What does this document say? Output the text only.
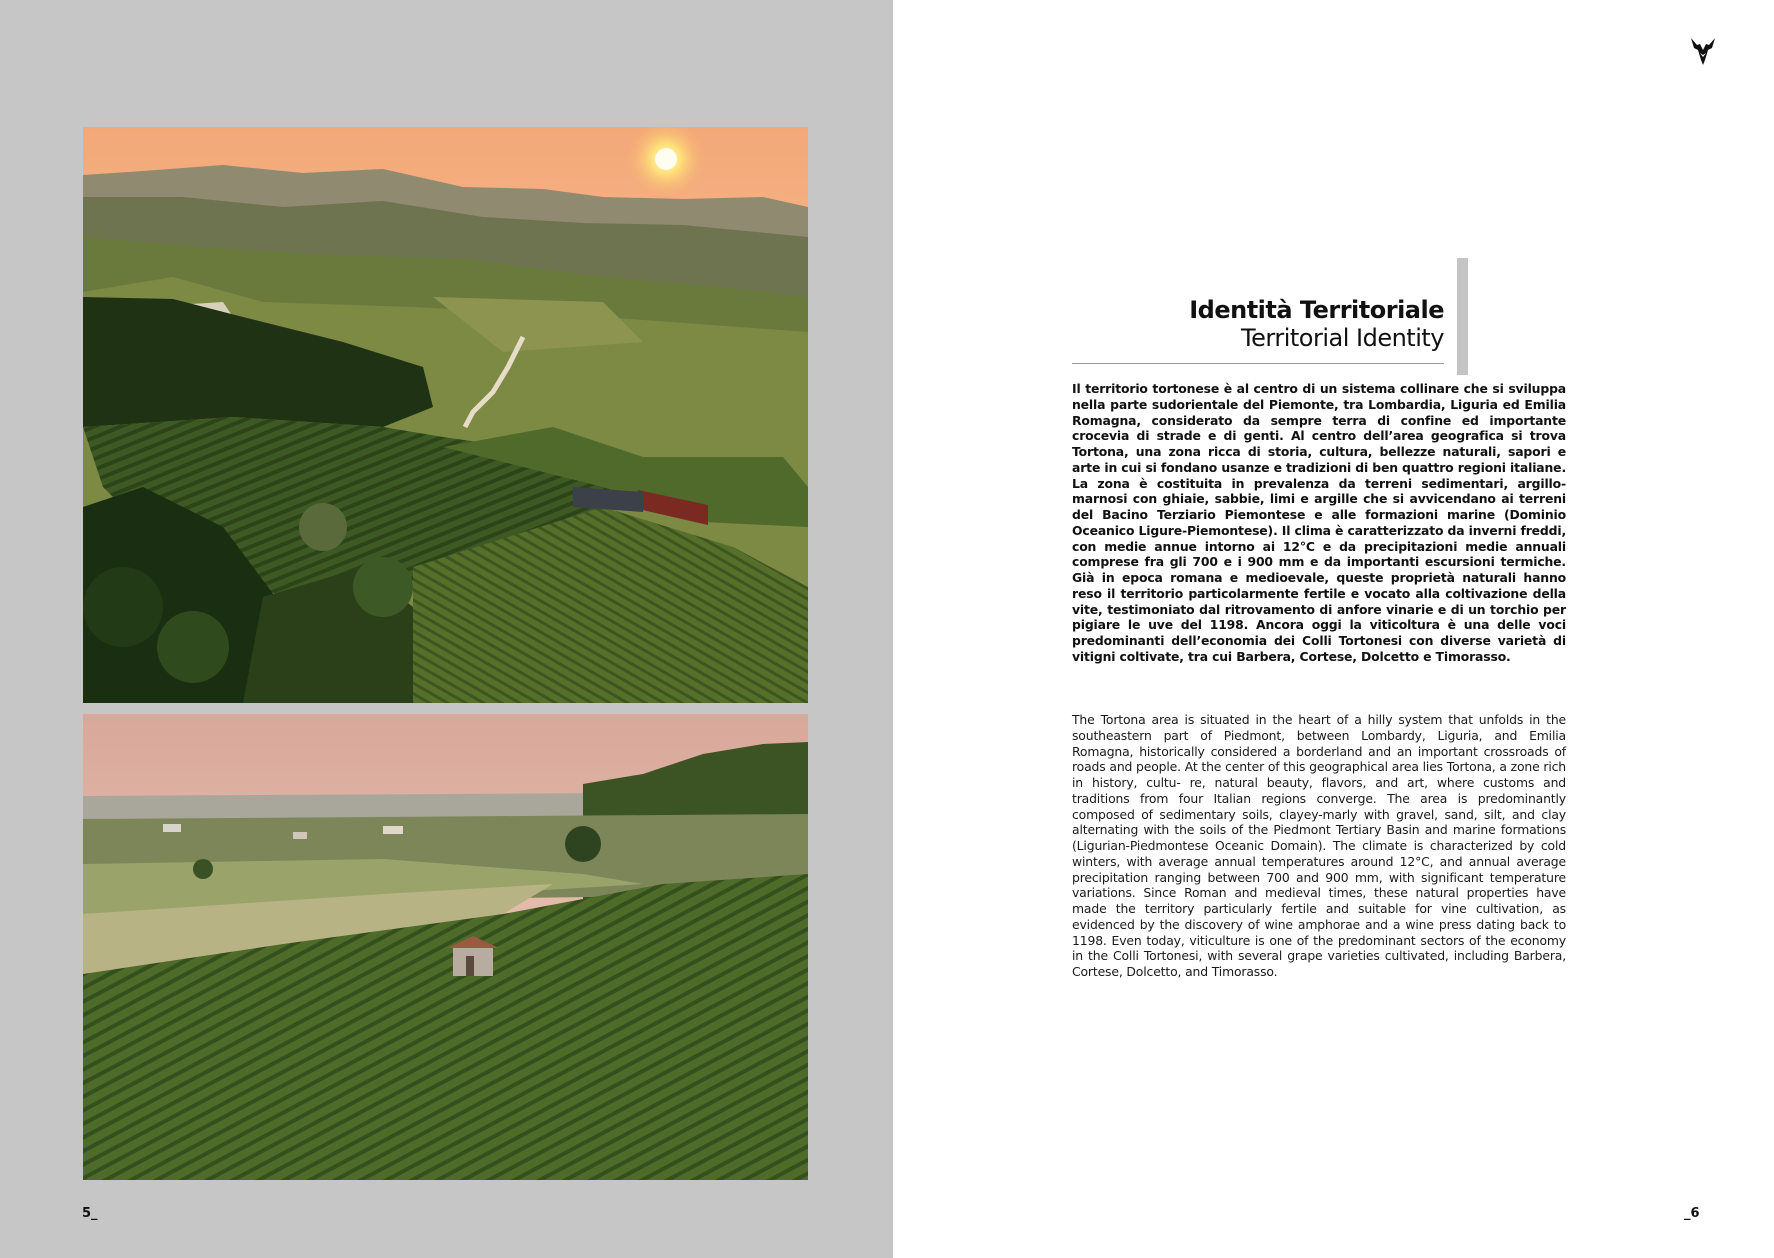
5_
Identità Territoriale
Territorial Identity

Il territorio tortonese è al centro di un sistema collinare che si sviluppa nella parte sudorientale del Piemonte, tra Lombardia, Liguria ed Emilia Romagna, considerato da sempre terra di confine ed importante crocevia di strade e di genti. Al centro dell’area geografica si trova Tortona, una zona ricca di storia, cultura, bellezze naturali, sapori e arte in cui si fondano usanze e tradizioni di ben quattro regioni italiane. La zona è costituita in prevalenza da terreni sedimentari, argillo-marnosi con ghiaie, sabbie, limi e argille che si avvicendano ai terreni del Bacino Terziario Piemontese e alle formazioni marine (Dominio Oceanico Ligure-Piemontese). Il clima è caratterizzato da inverni freddi, con medie annue intorno ai 12°C e da precipitazioni medie annuali comprese fra gli 700 e i 900 mm e da importanti escursioni termiche. Già in epoca romana e medioevale, queste proprietà naturali hanno reso il territorio particolarmente fertile e vocato alla coltivazione della vite, testimoniato dal ritrovamento di anfore vinarie e di un torchio per pigiare le uve del 1198. Ancora oggi la viticoltura è una delle voci predominanti dell’economia dei Colli Tortonesi con diverse varietà di vitigni coltivate, tra cui Barbera, Cortese, Dolcetto e Timorasso.

The Tortona area is situated in the heart of a hilly system that unfolds in the southeastern part of Piedmont, between Lombardy, Liguria, and Emilia Romagna, historically considered a borderland and an important crossroads of roads and people. At the center of this geographical area lies Tortona, a zone rich in history, cultu- re, natural beauty, flavors, and art, where customs and traditions from four Italian regions converge. The area is predominantly composed of sedimentary soils, clayey-marly with gravel, sand, silt, and clay alternating with the soils of the Piedmont Tertiary Basin and marine formations (Ligurian-Piedmontese Oceanic Domain). The climate is characterized by cold winters, with average annual temperatures around 12°C, and annual average precipitation ranging between 700 and 900 mm, with significant temperature variations. Since Roman and medieval times, these natural properties have made the territory particularly fertile and suitable for vine cultivation, as evidenced by the discovery of wine amphorae and a wine press dating back to 1198. Even today, viticulture is one of the predominant sectors of the economy in the Colli Tortonesi, with several grape varieties cultivated, including Barbera, Cortese, Dolcetto, and Timorasso.

_6
